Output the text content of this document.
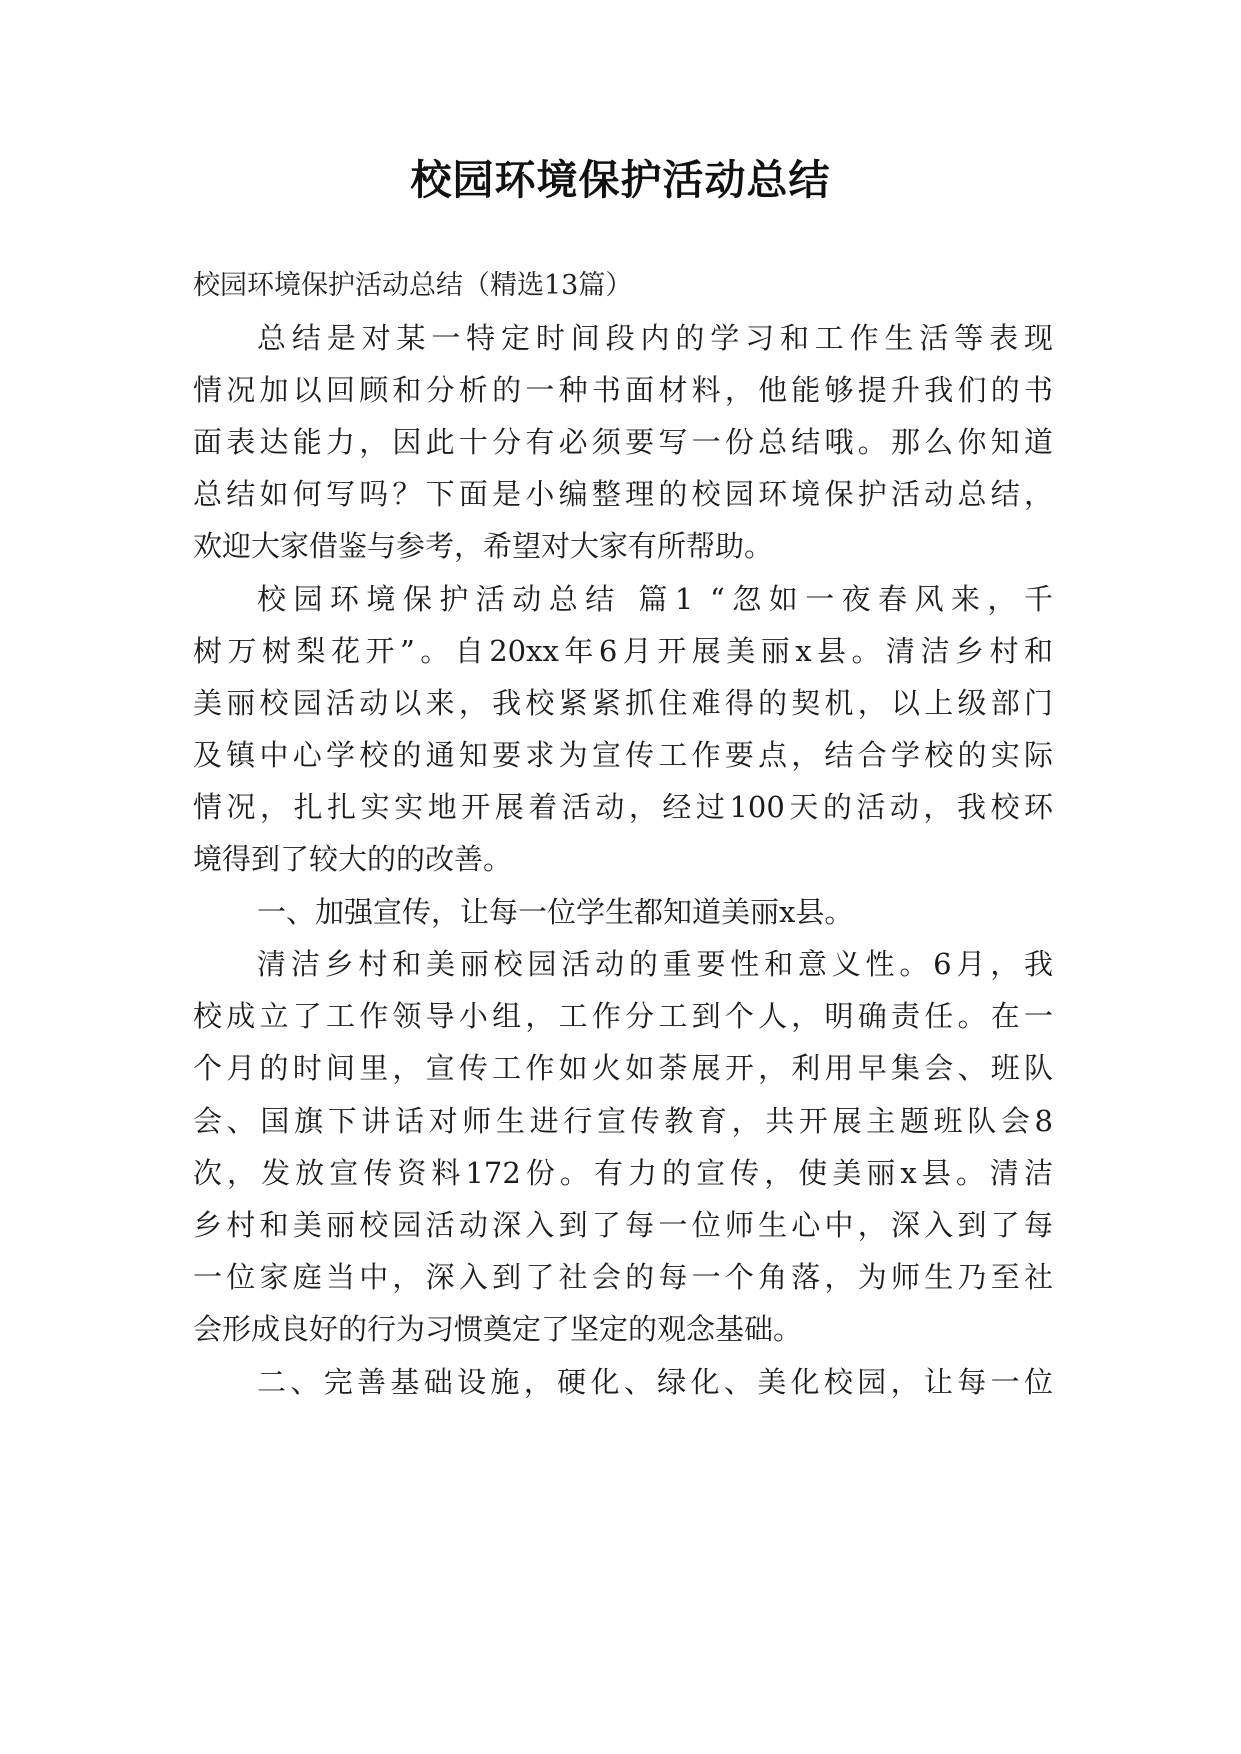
校园环境保护活动总结
校园环境保护活动总结（精选13篇）
总结是对某一特定时间段内的学习和工作生活等表现
情况加以回顾和分析的一种书面材料，他能够提升我们的书
面表达能力，因此十分有必须要写一份总结哦。那么你知道
总结如何写吗？下面是小编整理的校园环境保护活动总结，
欢迎大家借鉴与参考，希望对大家有所帮助。
校园环境保护活动总结 篇1 “忽如一夜春风来，千
树万树梨花开”。自20xx年6月开展美丽x县。清洁乡村和
美丽校园活动以来，我校紧紧抓住难得的契机，以上级部门
及镇中心学校的通知要求为宣传工作要点，结合学校的实际
情况，扎扎实实地开展着活动，经过100天的活动，我校环
境得到了较大的的改善。
一、加强宣传，让每一位学生都知道美丽x县。
清洁乡村和美丽校园活动的重要性和意义性。6月，我
校成立了工作领导小组，工作分工到个人，明确责任。在一
个月的时间里，宣传工作如火如荼展开，利用早集会、班队
会、国旗下讲话对师生进行宣传教育，共开展主题班队会8
次，发放宣传资料172份。有力的宣传，使美丽x县。清洁
乡村和美丽校园活动深入到了每一位师生心中，深入到了每
一位家庭当中，深入到了社会的每一个角落，为师生乃至社
会形成良好的行为习惯奠定了坚定的观念基础。
二、完善基础设施，硬化、绿化、美化校园，让每一位
